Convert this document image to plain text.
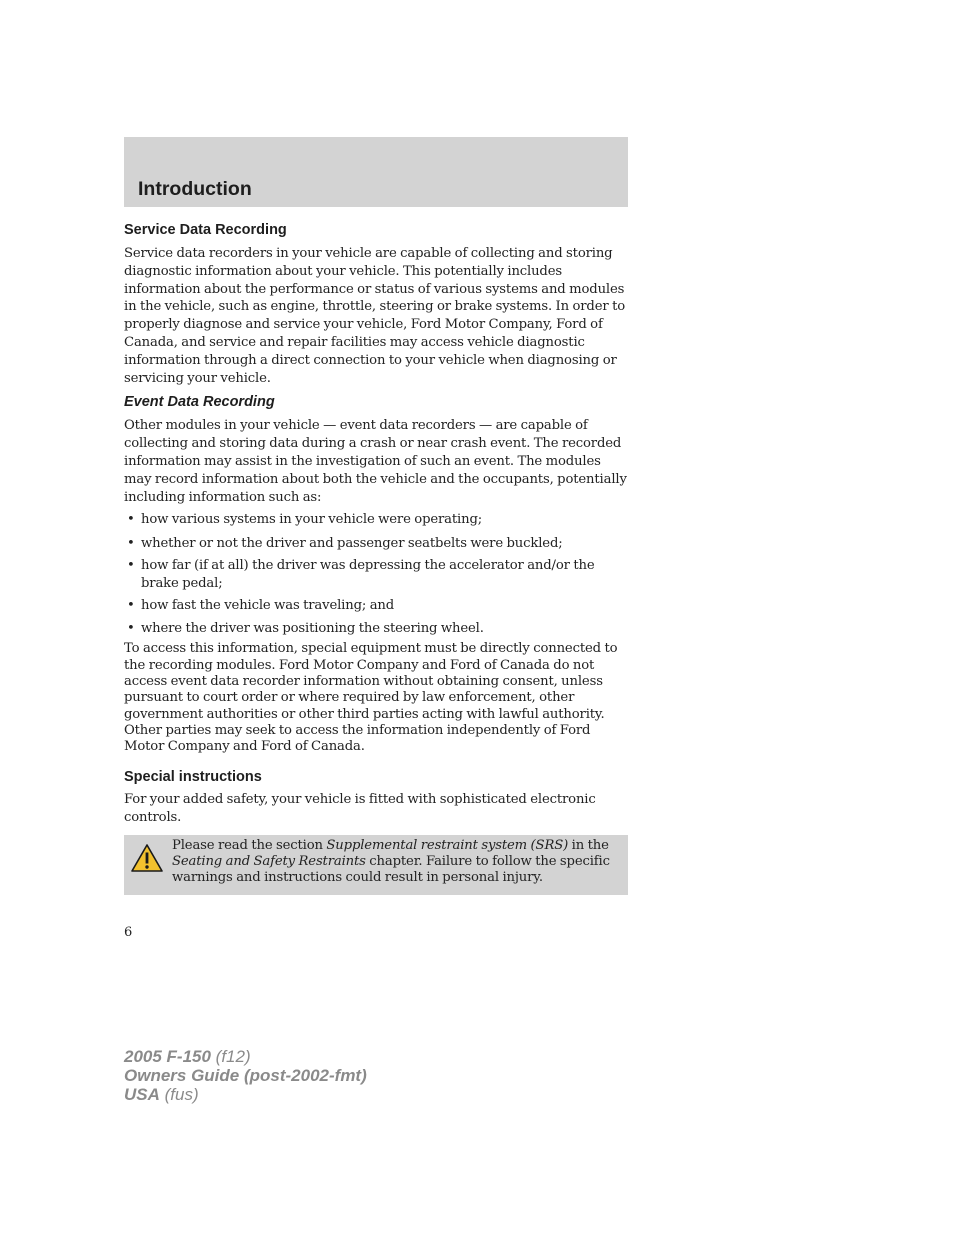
Introduction
Service Data Recording

Service data recorders in your vehicle are capable of collecting and storing diagnostic information about your vehicle. This potentially includes information about the performance or status of various systems and modules in the vehicle, such as engine, throttle, steering or brake systems. In order to properly diagnose and service your vehicle, Ford Motor Company, Ford of Canada, and service and repair facilities may access vehicle diagnostic information through a direct connection to your vehicle when diagnosing or servicing your vehicle.

Event Data Recording

Other modules in your vehicle — event data recorders — are capable of collecting and storing data during a crash or near crash event. The recorded information may assist in the investigation of such an event. The modules may record information about both the vehicle and the occupants, potentially including information such as:

• how various systems in your vehicle were operating;
• whether or not the driver and passenger seatbelts were buckled;
• how far (if at all) the driver was depressing the accelerator and/or the brake pedal;
• how fast the vehicle was traveling; and
• where the driver was positioning the steering wheel.

To access this information, special equipment must be directly connected to the recording modules. Ford Motor Company and Ford of Canada do not access event data recorder information without obtaining consent, unless pursuant to court order or where required by law enforcement, other government authorities or other third parties acting with lawful authority. Other parties may seek to access the information independently of Ford Motor Company and Ford of Canada.

Special instructions

For your added safety, your vehicle is fitted with sophisticated electronic controls.

Please read the section Supplemental restraint system (SRS) in the Seating and Safety Restraints chapter. Failure to follow the specific warnings and instructions could result in personal injury.

6
2005 F-150 (f12)
Owners Guide (post-2002-fmt)
USA (fus)
